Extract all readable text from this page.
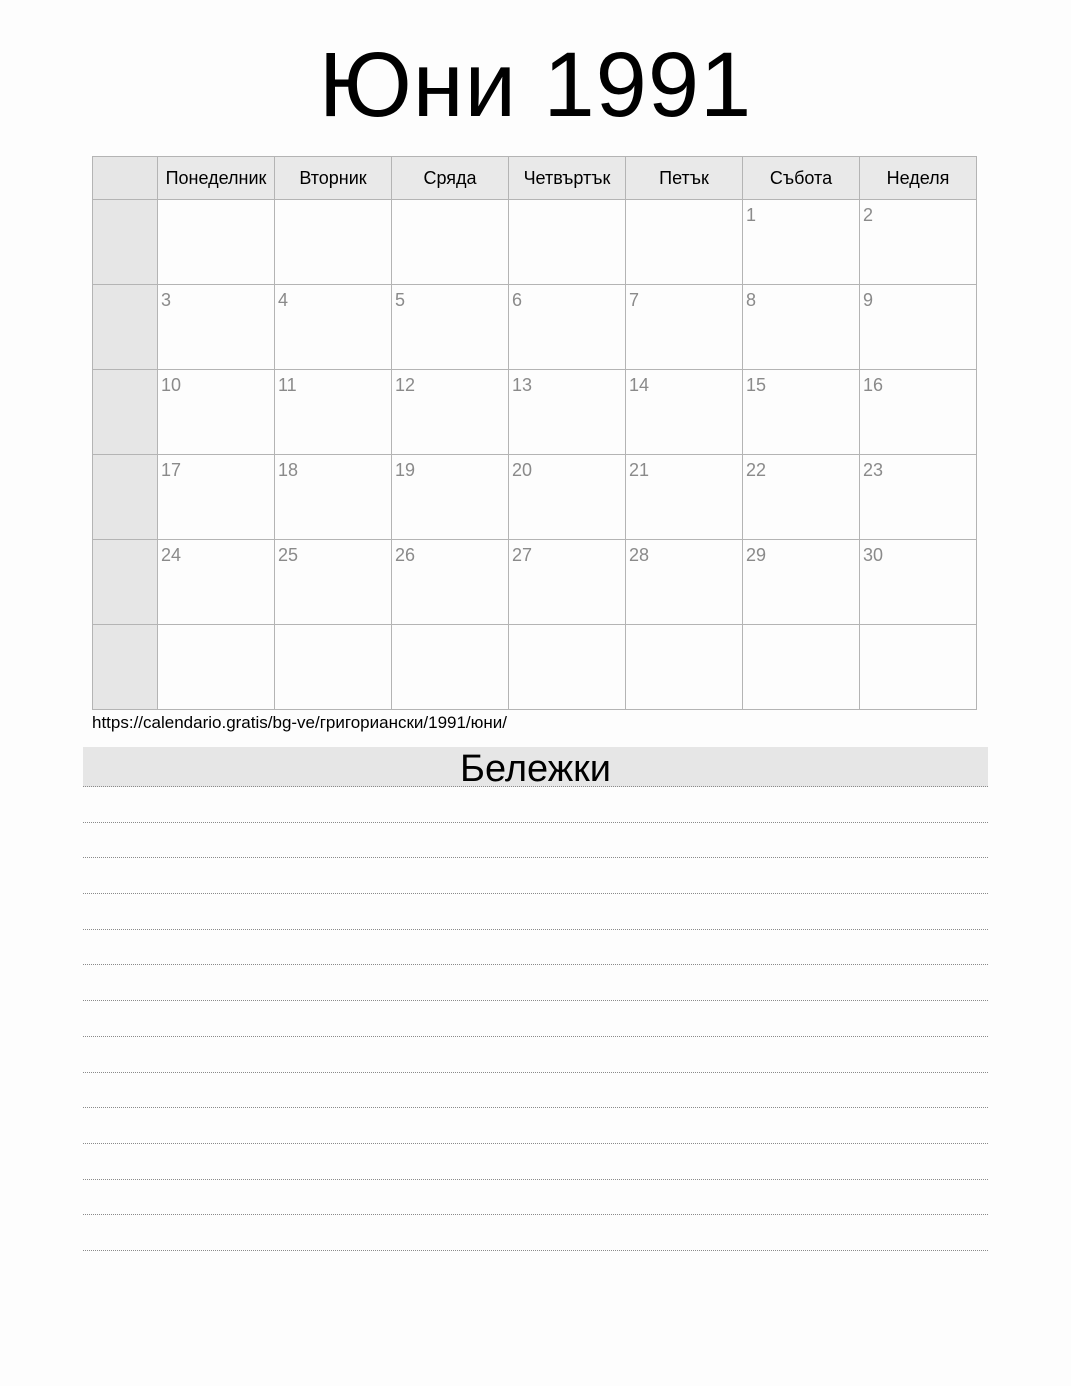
Юни 1991
	Понеделник	Вторник	Сряда	Четвъртък	Петък	Събота	Неделя

						1	2

	3	4	5	6	7	8	9

	10	11	12	13	14	15	16

	17	18	19	20	21	22	23

	24	25	26	27	28	29	30

https://calendario.gratis/bg-ve/григориански/1991/юни/
Бележки
